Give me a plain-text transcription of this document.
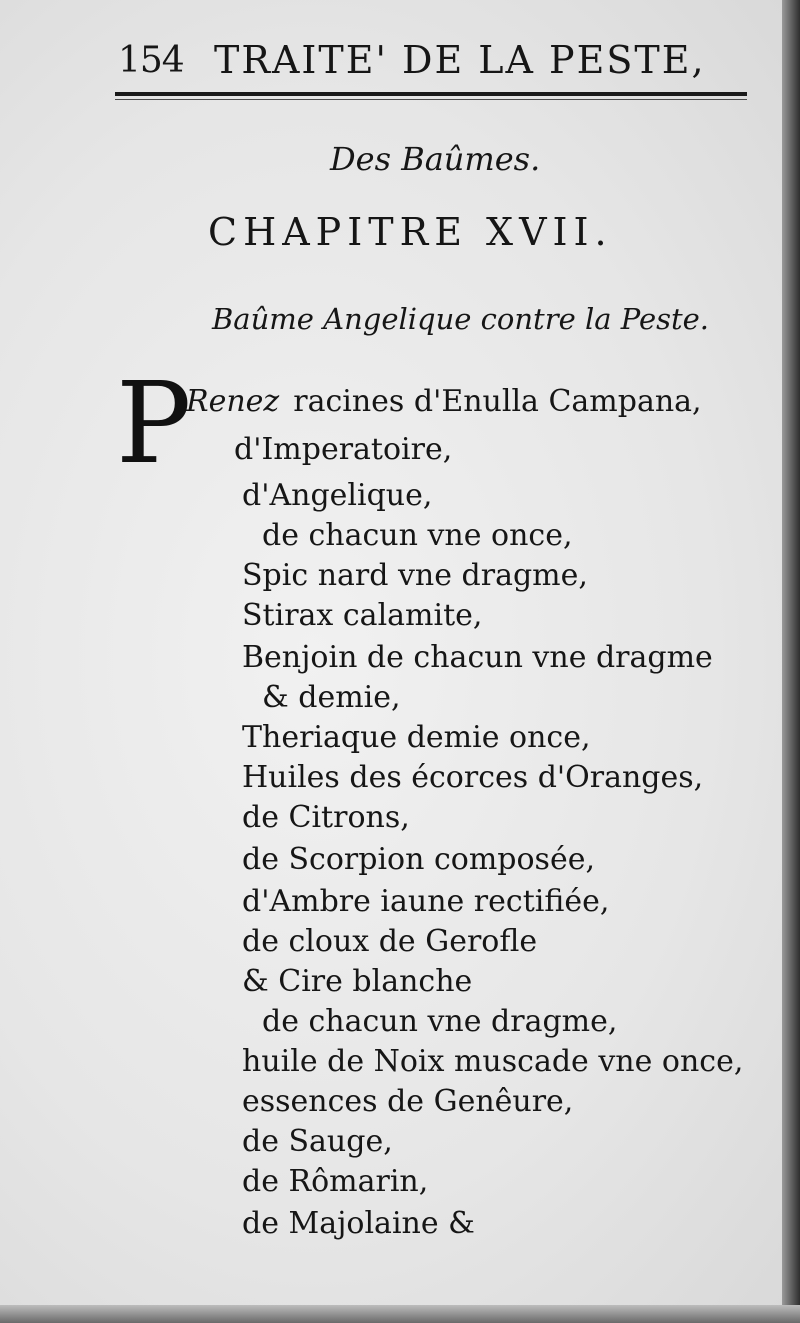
154 TRAITE' DE LA PESTE,
Des Baûmes.
CHAPITRE XVII.
Baûme Angelique contre la Peste.
P
Renez racines d'Enulla Campana,
d'Imperatoire,
d'Angelique,
de chacun vne once,
Spic nard vne dragme,
Stirax calamite,
Benjoin de chacun vne dragme
& demie,
Theriaque demie once,
Huiles des écorces d'Oranges,
de Citrons,
de Scorpion composée,
d'Ambre iaune rectifiée,
de cloux de Gerofle
& Cire blanche
de chacun vne dragme,
huile de Noix muscade vne once,
essences de Genêure,
de Sauge,
de Rômarin,
de Majolaine &
